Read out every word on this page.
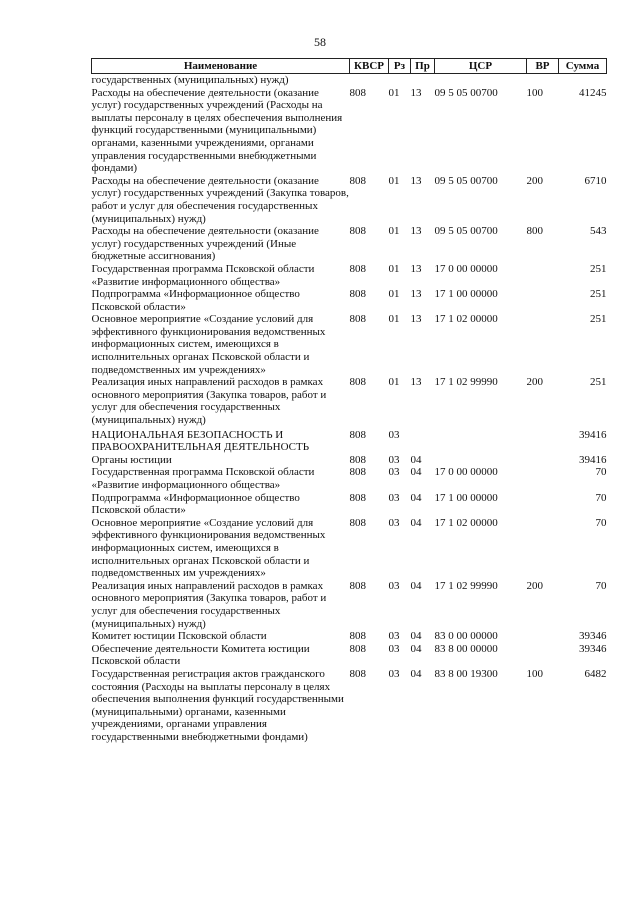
58
Наименование	КВСР	Рз	Пр	ЦСР	ВР	Сумма
государственных (муниципальных) нужд)						
Расходы на обеспечение деятельности (оказание услуг) государственных учреждений (Расходы на выплаты персоналу в целях обеспечения выполнения функций государственными (муниципальными) органами, казенными учреждениями, органами управления государственными внебюджетными фондами)	808	01	13	09 5 05 00700	100	41245
Расходы на обеспечение деятельности (оказание услуг) государственных учреждений (Закупка товаров, работ и услуг для обеспечения государственных (муниципальных) нужд)	808	01	13	09 5 05 00700	200	6710
Расходы на обеспечение деятельности (оказание услуг) государственных учреждений (Иные бюджетные ассигнования)	808	01	13	09 5 05 00700	800	543
Государственная программа Псковской области «Развитие информационного общества»	808	01	13	17 0 00 00000		251
Подпрограмма «Информационное общество Псковской области»	808	01	13	17 1 00 00000		251
Основное мероприятие «Создание условий для эффективного функционирования ведомственных информационных систем, имеющихся в исполнительных органах Псковской области и подведомственных им учреждениях»	808	01	13	17 1 02 00000		251
Реализация иных направлений расходов в рамках основного мероприятия (Закупка товаров, работ и услуг для обеспечения государственных (муниципальных) нужд)	808	01	13	17 1 02 99990	200	251
НАЦИОНАЛЬНАЯ БЕЗОПАСНОСТЬ И ПРАВООХРАНИТЕЛЬНАЯ ДЕЯТЕЛЬНОСТЬ	808	03				39416
Органы юстиции	808	03	04			39416
Государственная программа Псковской области «Развитие информационного общества»	808	03	04	17 0 00 00000		70
Подпрограмма «Информационное общество Псковской области»	808	03	04	17 1 00 00000		70
Основное мероприятие «Создание условий для эффективного функционирования ведомственных информационных систем, имеющихся в исполнительных органах Псковской области и подведомственных им учреждениях»	808	03	04	17 1 02 00000		70
Реализация иных направлений расходов в рамках основного мероприятия (Закупка товаров, работ и услуг для обеспечения государственных (муниципальных) нужд)	808	03	04	17 1 02 99990	200	70
Комитет юстиции Псковской области	808	03	04	83 0 00 00000		39346
Обеспечение деятельности Комитета юстиции Псковской области	808	03	04	83 8 00 00000		39346
Государственная регистрация актов гражданского состояния (Расходы на выплаты персоналу в целях обеспечения выполнения функций государственными (муниципальными) органами, казенными учреждениями, органами управления государственными внебюджетными фондами)	808	03	04	83 8 00 19300	100	6482
